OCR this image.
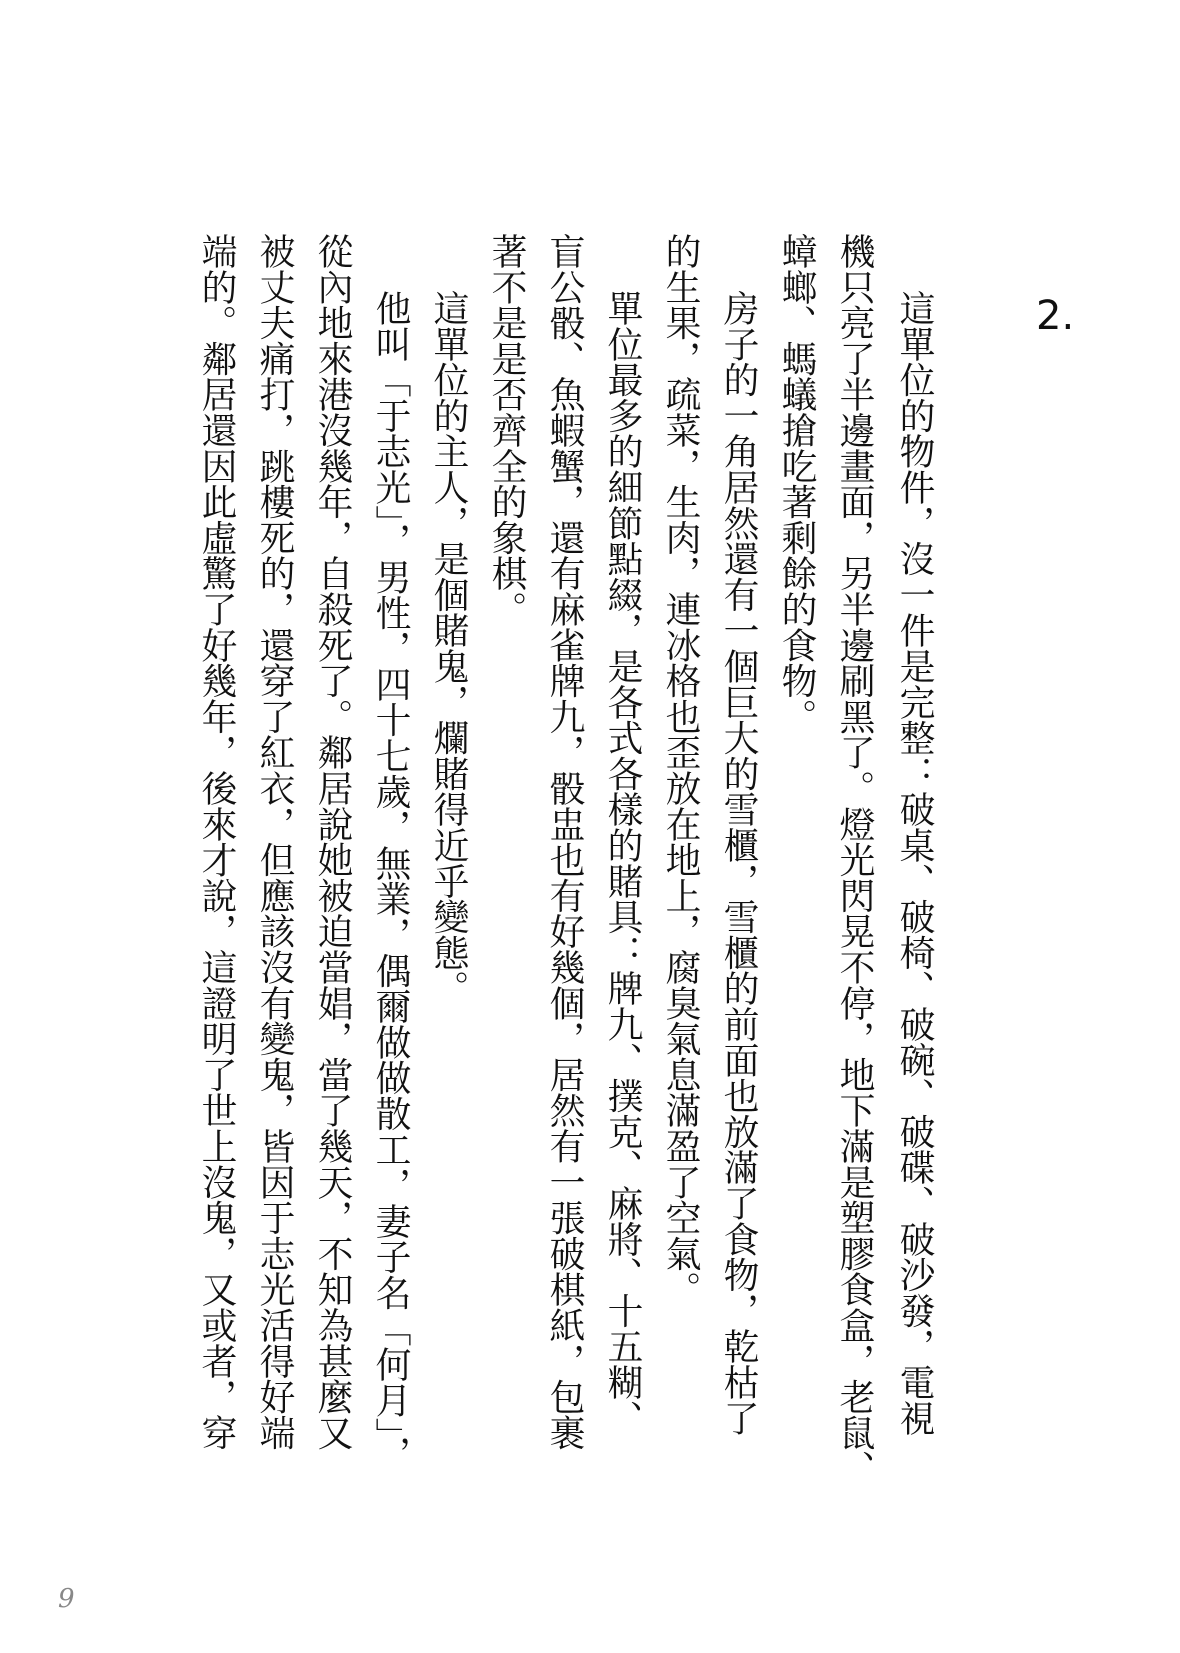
2.
這單位的物件，沒一件是完整：破桌、破椅、破碗、破碟、破沙發，電視
機只亮了半邊畫面，另半邊刷黑了。燈光閃晃不停，地下滿是塑膠食盒，老鼠、
蟑螂、螞蟻搶吃著剩餘的食物。
房子的一角居然還有一個巨大的雪櫃，雪櫃的前面也放滿了食物，乾枯了
的生果，疏菜，生肉，連冰格也歪放在地上，腐臭氣息滿盈了空氣。
單位最多的細節點綴，是各式各樣的賭具：牌九、撲克、麻將、十五糊、
盲公骰、魚蝦蟹，還有麻雀牌九，骰盅也有好幾個，居然有一張破棋紙，包裹
著不是是否齊全的象棋。
這單位的主人，是個賭鬼，爛賭得近乎變態。
他叫「于志光」，男性，四十七歲，無業，偶爾做做散工，妻子名「何月」，
從內地來港沒幾年，自殺死了。鄰居說她被迫當娼，當了幾天，不知為甚麼又
被丈夫痛打，跳樓死的，還穿了紅衣，但應該沒有變鬼，皆因于志光活得好端
端的。鄰居還因此虛驚了好幾年，後來才說，這證明了世上沒鬼，又或者，穿
9
